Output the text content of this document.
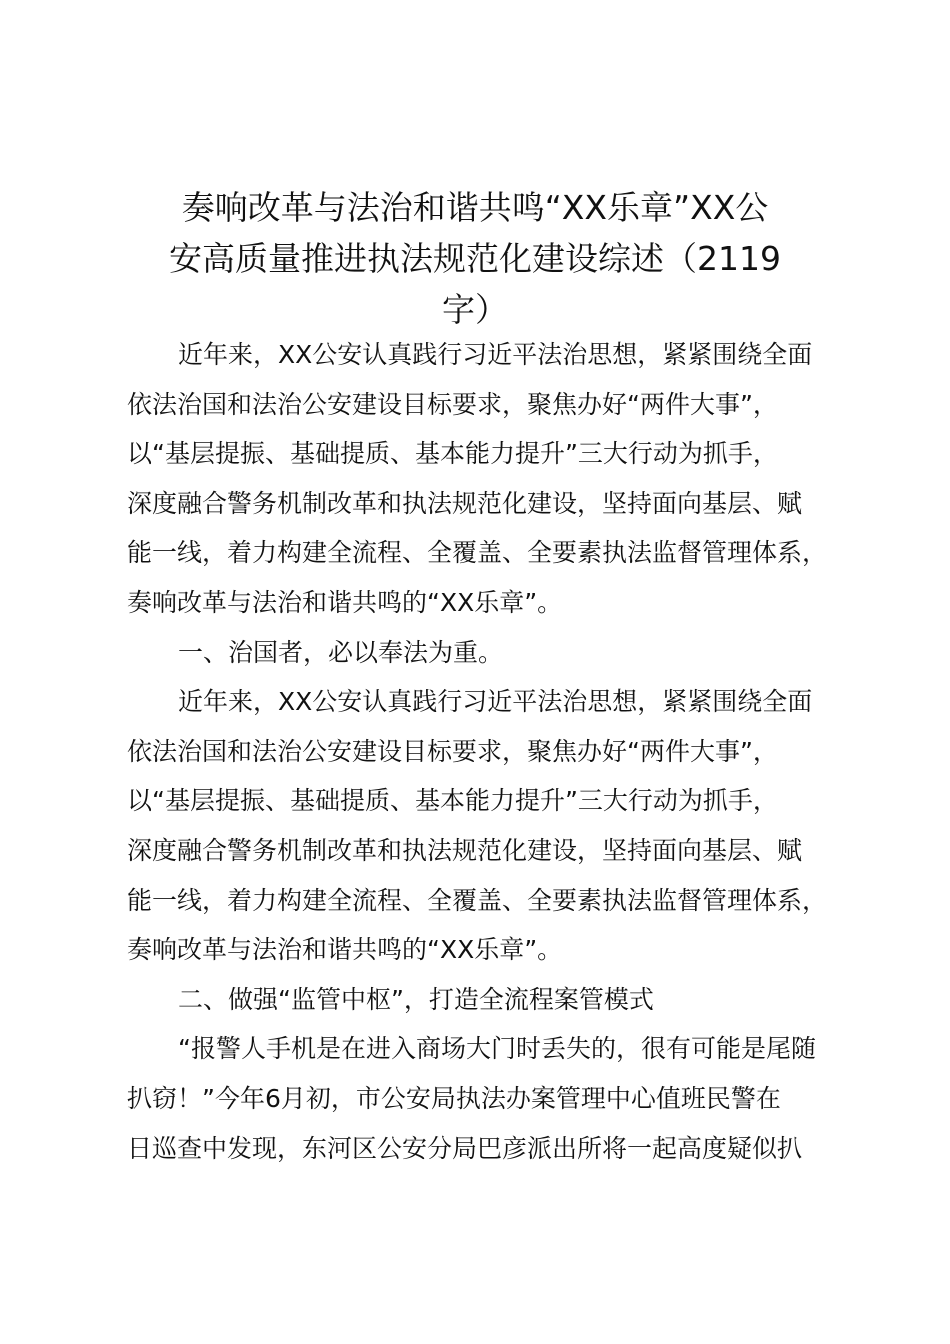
奏响改革与法治和谐共鸣“XX乐章”XX公
安高质量推进执法规范化建设综述（2119
字）
近年来，XX公安认真践行习近平法治思想，紧紧围绕全面
依法治国和法治公安建设目标要求，聚焦办好“两件大事”，
以“基层提振、基础提质、基本能力提升”三大行动为抓手，
深度融合警务机制改革和执法规范化建设，坚持面向基层、赋
能一线，着力构建全流程、全覆盖、全要素执法监督管理体系，
奏响改革与法治和谐共鸣的“XX乐章”。
一、治国者，必以奉法为重。
近年来，XX公安认真践行习近平法治思想，紧紧围绕全面
依法治国和法治公安建设目标要求，聚焦办好“两件大事”，
以“基层提振、基础提质、基本能力提升”三大行动为抓手，
深度融合警务机制改革和执法规范化建设，坚持面向基层、赋
能一线，着力构建全流程、全覆盖、全要素执法监督管理体系，
奏响改革与法治和谐共鸣的“XX乐章”。
二、做强“监管中枢”，打造全流程案管模式
“报警人手机是在进入商场大门时丢失的，很有可能是尾随
扒窃！”今年6月初，市公安局执法办案管理中心值班民警在
日巡查中发现，东河区公安分局巴彦派出所将一起高度疑似扒
